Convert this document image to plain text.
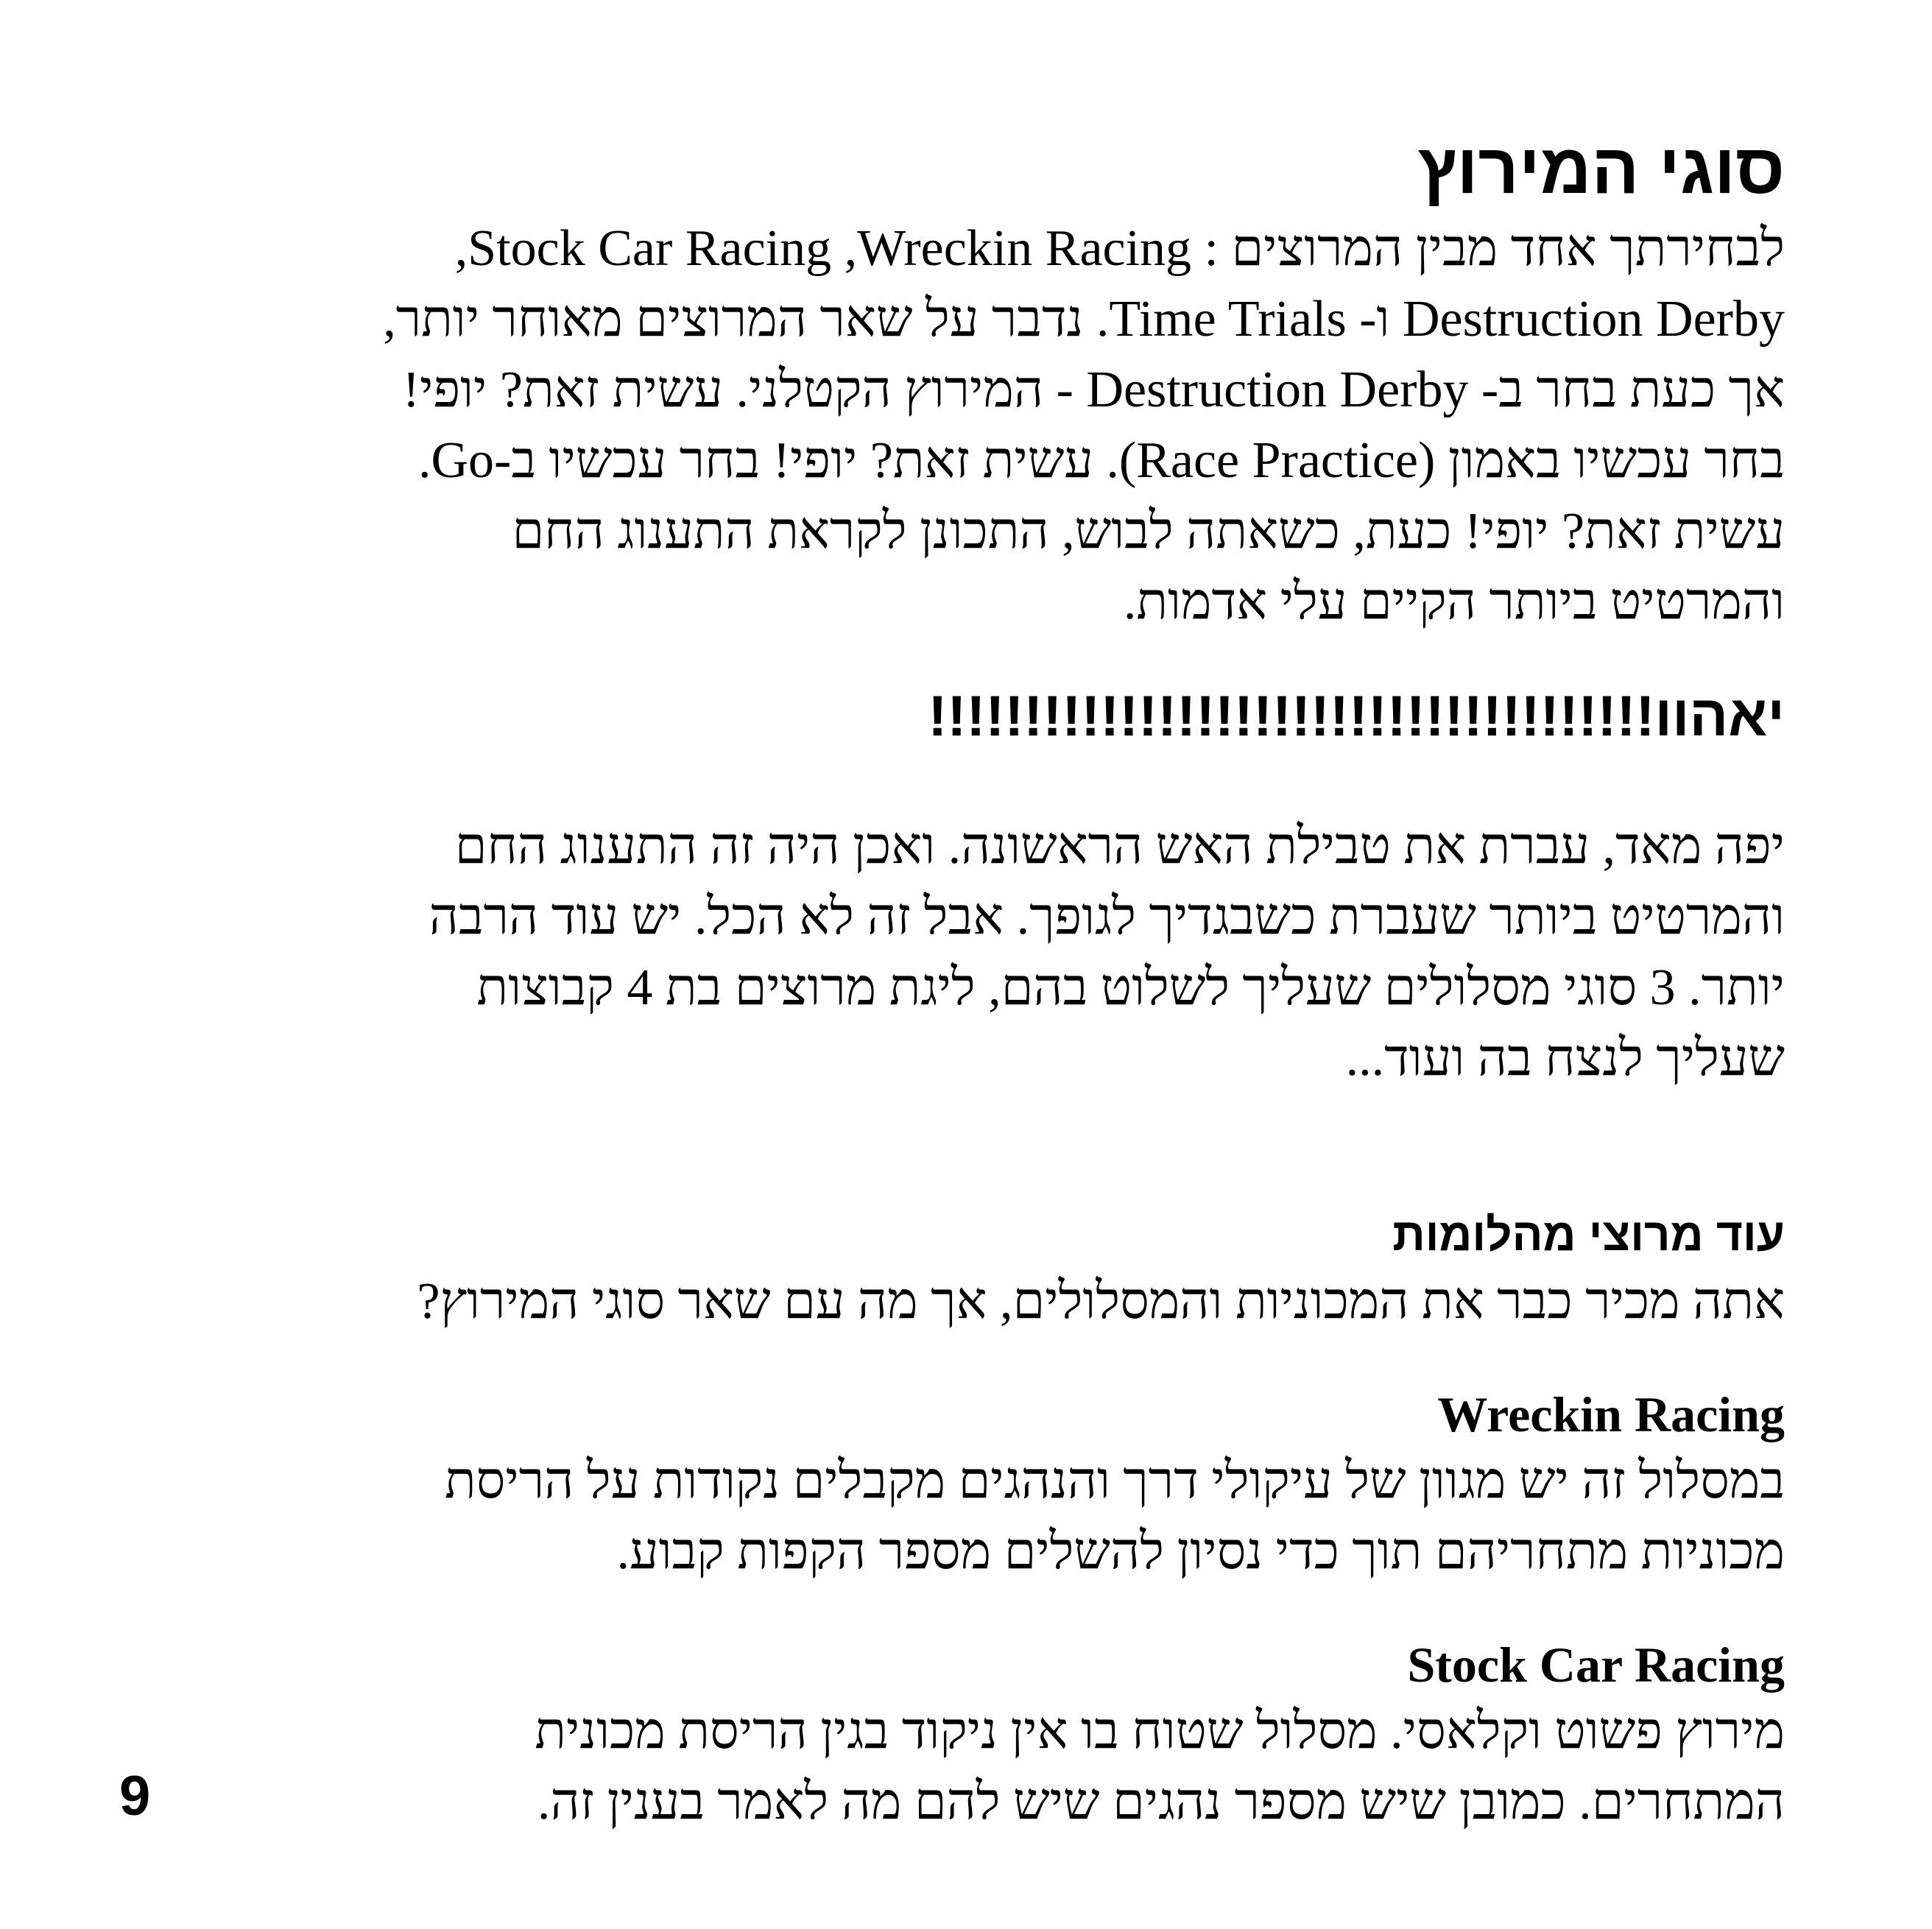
סוגי המירוץ
לבחירתך אחד מבין המרוצים : Stock Car Racing ,Wreckin Racing,
Destruction Derby ו- Time Trials. נדבר על שאר המרוצים מאוחר יותר,
אך כעת בחר ב- Destruction Derby - המירוץ הקטלני. עשית זאת? יופי!
בחר עכשיו באמון (Race Practice). עשית זאת? יופי! בחר עכשיו ב-Go.
עשית זאת? יופי! כעת, כשאתה לבוש, התכונן לקראת התענוג החם
והמרטיט ביותר הקיים עלי אדמות.
יאהוו!!!!!!!!!!!!!!!!!!!!!!!!!!!!!!!!!!!!!!
יפה מאד, עברת את טבילת האש הראשונה. ואכן היה זה התענוג החם
והמרטיט ביותר שעברת כשבגדיך לגופך. אבל זה לא הכל. יש עוד הרבה
יותר. 3 סוגי מסלולים שעליך לשלוט בהם, ליגת מרוצים בת 4 קבוצות
שעליך לנצח בה ועוד...
עוד מרוצי מהלומות
אתה מכיר כבר את המכוניות והמסלולים, אך מה עם שאר סוגי המירוץ?
Wreckin Racing
במסלול זה יש מגוון של עיקולי דרך והנהגים מקבלים נקודות על הריסת
מכוניות מתחריהם תוך כדי נסיון להשלים מספר הקפות קבוע.
Stock Car Racing
מירוץ פשוט וקלאסי. מסלול שטוח בו אין ניקוד בגין הריסת מכונית
המתחרים. כמובן שיש מספר נהגים שיש להם מה לאמר בענין זה.
9
